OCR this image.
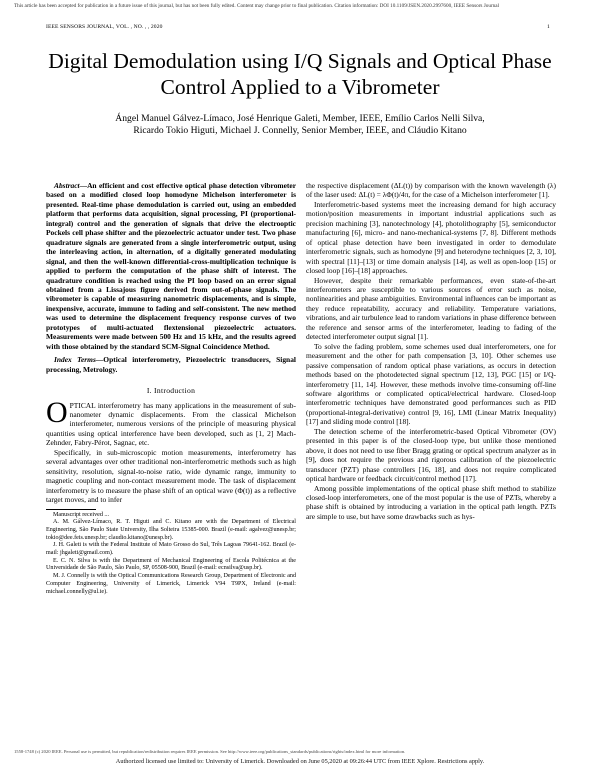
This article has been accepted for publication in a future issue of this journal, but has not been fully edited. Content may change prior to final publication. Citation information: DOI 10.1109/JSEN.2020.2997600, IEEE Sensors Journal
IEEE SENSORS JOURNAL, VOL. , NO. , , 2020	1
Digital Demodulation using I/Q Signals and Optical Phase Control Applied to a Vibrometer
Ángel Manuel Gálvez-Límaco, José Henrique Galeti, Member, IEEE, Emílio Carlos Nelli Silva,
Ricardo Tokio Higuti, Michael J. Connelly, Senior Member, IEEE, and Cláudio Kitano

Abstract—An efficient and cost effective optical phase detection vibrometer based on a modified closed loop homodyne Michelson interferometer is presented. Real-time phase demodulation is carried out, using an embedded platform that performs data acquisition, signal processing, PI (proportional-integral) control and the generation of signals that drive the electrooptic Pockels cell phase shifter and the piezoelectric actuator under test. Two phase quadrature signals are generated from a single interferometric output, using the interleaving action, in alternation, of a digitally generated modulating signal, and then the well-known differential-cross-multiplication technique is applied to perform the computation of the phase shift of interest. The quadrature condition is reached using the PI loop based on an error signal obtained from a Lissajous figure derived from out-of-phase signals. The vibrometer is capable of measuring nanometric displacements, and is simple, inexpensive, accurate, immune to fading and self-consistent. The new method was used to determine the displacement frequency response curves of two prototypes of multi-actuated flextensional piezoelectric actuators. Measurements were made between 500 Hz and 15 kHz, and the results agreed with those obtained by the standard SCM-Signal Coincidence Method.

Index Terms—Optical interferometry, Piezoelectric transducers, Signal processing, Metrology.

I. Introduction

OPTICAL interferometry has many applications in the measurement of sub-nanometer dynamic displacements. From the classical Michelson interferometer, numerous versions of the principle of measuring physical quantities using optical interference have been developed, such as [1, 2] Mach-Zehnder, Fabry-Pérot, Sagnac, etc.

Specifically, in sub-microscopic motion measurements, interferometry has several advantages over other traditional non-interferometric methods such as high sensitivity, resolution, signal-to-noise ratio, wide dynamic range, immunity to magnetic coupling and non-contact measurement mode. The task of displacement interferometry is to measure the phase shift of an optical wave (Φ(t)) as a reflective target moves, and to infer

Manuscript received ...

A. M. Gálvez-Límaco, R. T. Higuti and C. Kitano are with the Department of Electrical Engineering, São Paulo State University, Ilha Solteira 15385-000. Brazil (e-mail: agalvez@unesp.br; tokio@dee.feis.unesp.br; claudio.kitano@unesp.br).

J. H. Galeti is with the Federal Institute of Mato Grosso do Sul, Três Lagoas 79641-162. Brazil (e-mail: jhgaleti@gmail.com).

E. C. N. Silva is with the Department of Mechanical Engineering of Escola Politécnica at the Universidade de São Paulo, São Paulo, SP, 05508-900, Brazil (e-mail: ecnsilva@usp.br).

M. J. Connelly is with the Optical Communications Research Group, Department of Electronic and Computer Engineering, University of Limerick, Limerick V94 T9PX, Ireland (e-mail: michael.connelly@ul.ie).

the respective displacement (ΔL(t)) by comparison with the known wavelength (λ) of the laser used: ΔL(t) = λΦ(t)/4π, for the case of a Michelson interferometer [1].

Interferometric-based systems meet the increasing demand for high accuracy motion/position measurements in important industrial applications such as precision machining [3], nanotechnology [4], photolithography [5], semiconductor manufacturing [6], micro- and nano-mechanical-systems [7, 8]. Different methods of optical phase detection have been investigated in order to demodulate interferometric signals, such as homodyne [9] and heterodyne techniques [2, 3, 10], with spectral [11]–[13] or time domain analysis [14], as well as open-loop [15] or closed loop [16]–[18] approaches.

However, despite their remarkable performances, even state-of-the-art interferometers are susceptible to various sources of error such as noise, nonlinearities and phase ambiguities. Environmental influences can be important as they reduce repeatability, accuracy and reliability. Temperature variations, vibrations, and air turbulence lead to random variations in phase difference between the reference and sensor arms of the interferometer, leading to fading of the detected interferometer output signal [1].

To solve the fading problem, some schemes used dual interferometers, one for measurement and the other for path compensation [3, 10]. Other schemes use passive compensation of random optical phase variations, as occurs in detection methods based on the photodetected signal spectrum [12, 13], PGC [15] or I/Q-interferometry [11, 14]. However, these methods involve time-consuming off-line software algorithms or complicated optical/electrical hardware. Closed-loop interferometric techniques have demonstrated good performances such as PID (proportional-integral-derivative) control [9, 16], LMI (Linear Matrix Inequality) [17] and sliding mode control [18].

The detection scheme of the interferometric-based Optical Vibrometer (OV) presented in this paper is of the closed-loop type, but unlike those mentioned above, it does not need to use fiber Bragg grating or optical spectrum analyzer as in [9], does not require the previous and rigorous calibration of the piezoelectric transducer (PZT) phase controllers [16, 18], and does not require complicated optical hardware or feedback circuit/control method [17].

Among possible implementations of the optical phase shift method to stabilize closed-loop interferometers, one of the most popular is the use of PZTs, whereby a phase shift is obtained by introducing a variation in the optical path length. PZTs are simple to use, but have some drawbacks such as hys-

1558-1748 (c) 2020 IEEE. Personal use is permitted, but republication/redistribution requires IEEE permission. See http://www.ieee.org/publications_standards/publications/rights/index.html for more information.
Authorized licensed use limited to: University of Limerick. Downloaded on June 05,2020 at 09:26:44 UTC from IEEE Xplore. Restrictions apply.
